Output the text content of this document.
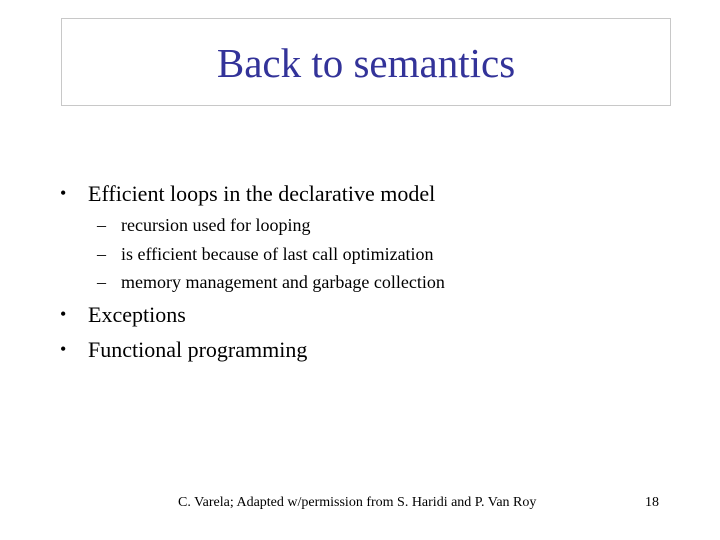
Back to semantics
• Efficient loops in the declarative model
– recursion used for looping
– is efficient because of last call optimization
– memory management and garbage collection
• Exceptions
• Functional programming
C. Varela; Adapted w/permission from S. Haridi and P. Van Roy	18
